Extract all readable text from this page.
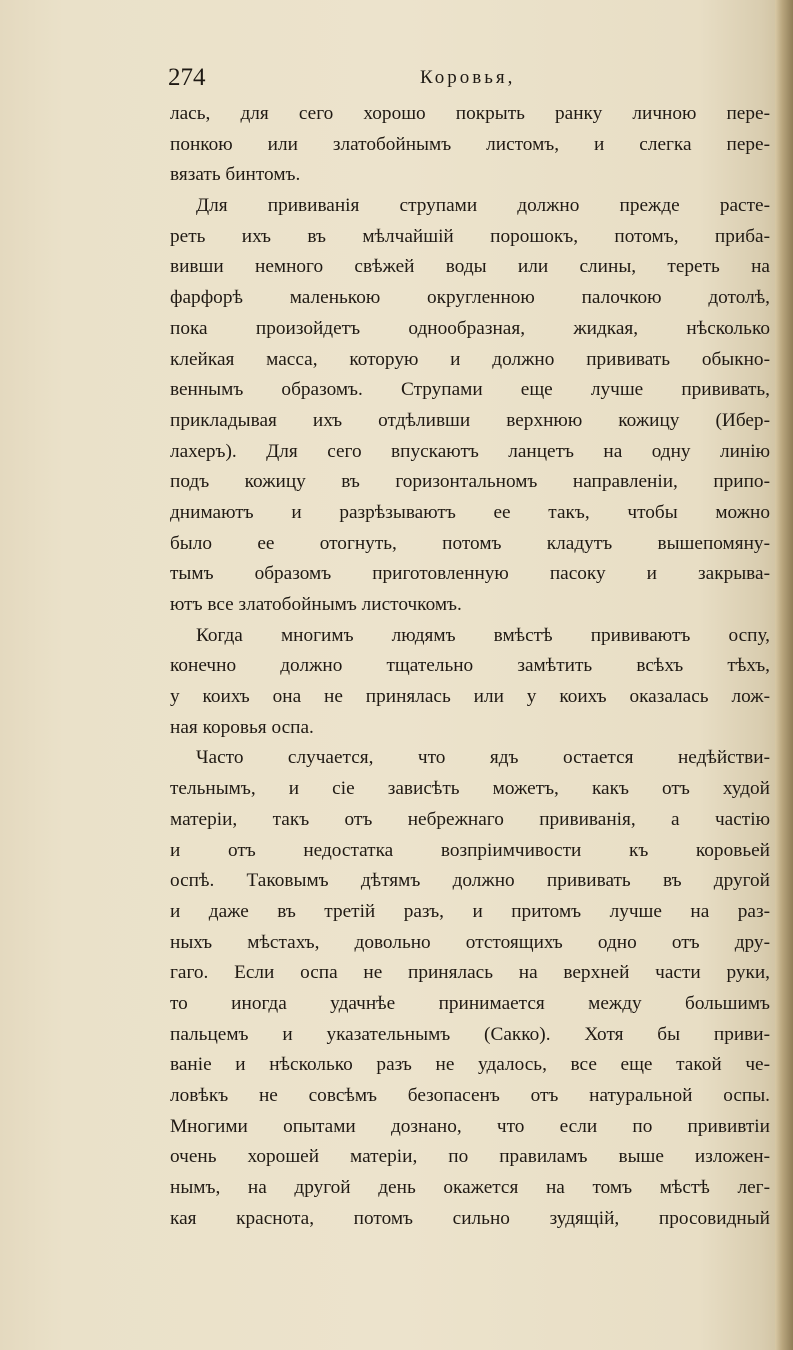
274	Коровья,
лась, для сего хорошо покрыть ранку личною пере-
понкою или златобойнымъ листомъ, и слегка пере-
вязать бинтомъ.
Для прививанія струпами должно прежде расте-
реть ихъ въ мѣлчайшій порошокъ, потомъ, приба-
вивши немного свѣжей воды или слины, тереть на
фарфорѣ маленькою округленною палочкою дотолѣ,
пока произойдетъ однообразная, жидкая, нѣсколько
клейкая масса, которую и должно прививать обыкно-
веннымъ образомъ. Струпами еще лучше прививать,
прикладывая ихъ отдѣливши верхнюю кожицу (Ибер-
лахеръ). Для сего впускаютъ ланцетъ на одну линію
подъ кожицу въ горизонтальномъ направленіи, припо-
днимаютъ и разрѣзываютъ ее такъ, чтобы можно
было ее отогнуть, потомъ кладутъ вышепомяну-
тымъ образомъ приготовленную пасоку и закрыва-
ютъ все златобойнымъ листочкомъ.
Когда многимъ людямъ вмѣстѣ прививаютъ оспу,
конечно должно тщательно замѣтить всѣхъ тѣхъ,
у коихъ она не принялась или у коихъ оказалась лож-
ная коровья оспа.
Часто случается, что ядъ остается недѣйстви-
тельнымъ, и сіе зависѣть можетъ, какъ отъ худой
матеріи, такъ отъ небрежнаго прививанія, а частію
и отъ недостатка возпріимчивости къ коровьей
оспѣ. Таковымъ дѣтямъ должно прививать въ другой
и даже въ третій разъ, и притомъ лучше на раз-
ныхъ мѣстахъ, довольно отстоящихъ одно отъ дру-
гаго. Если оспа не принялась на верхней части руки,
то иногда удачнѣе принимается между большимъ
пальцемъ и указательнымъ (Сакко). Хотя бы приви-
ваніе и нѣсколько разъ не удалось, все еще такой че-
ловѣкъ не совсѣмъ безопасенъ отъ натуральной оспы.
Многими опытами дознано, что если по прививтіи
очень хорошей матеріи, по правиламъ выше изложен-
нымъ, на другой день окажется на томъ мѣстѣ лег-
кая краснота, потомъ сильно зудящій, просовидный
